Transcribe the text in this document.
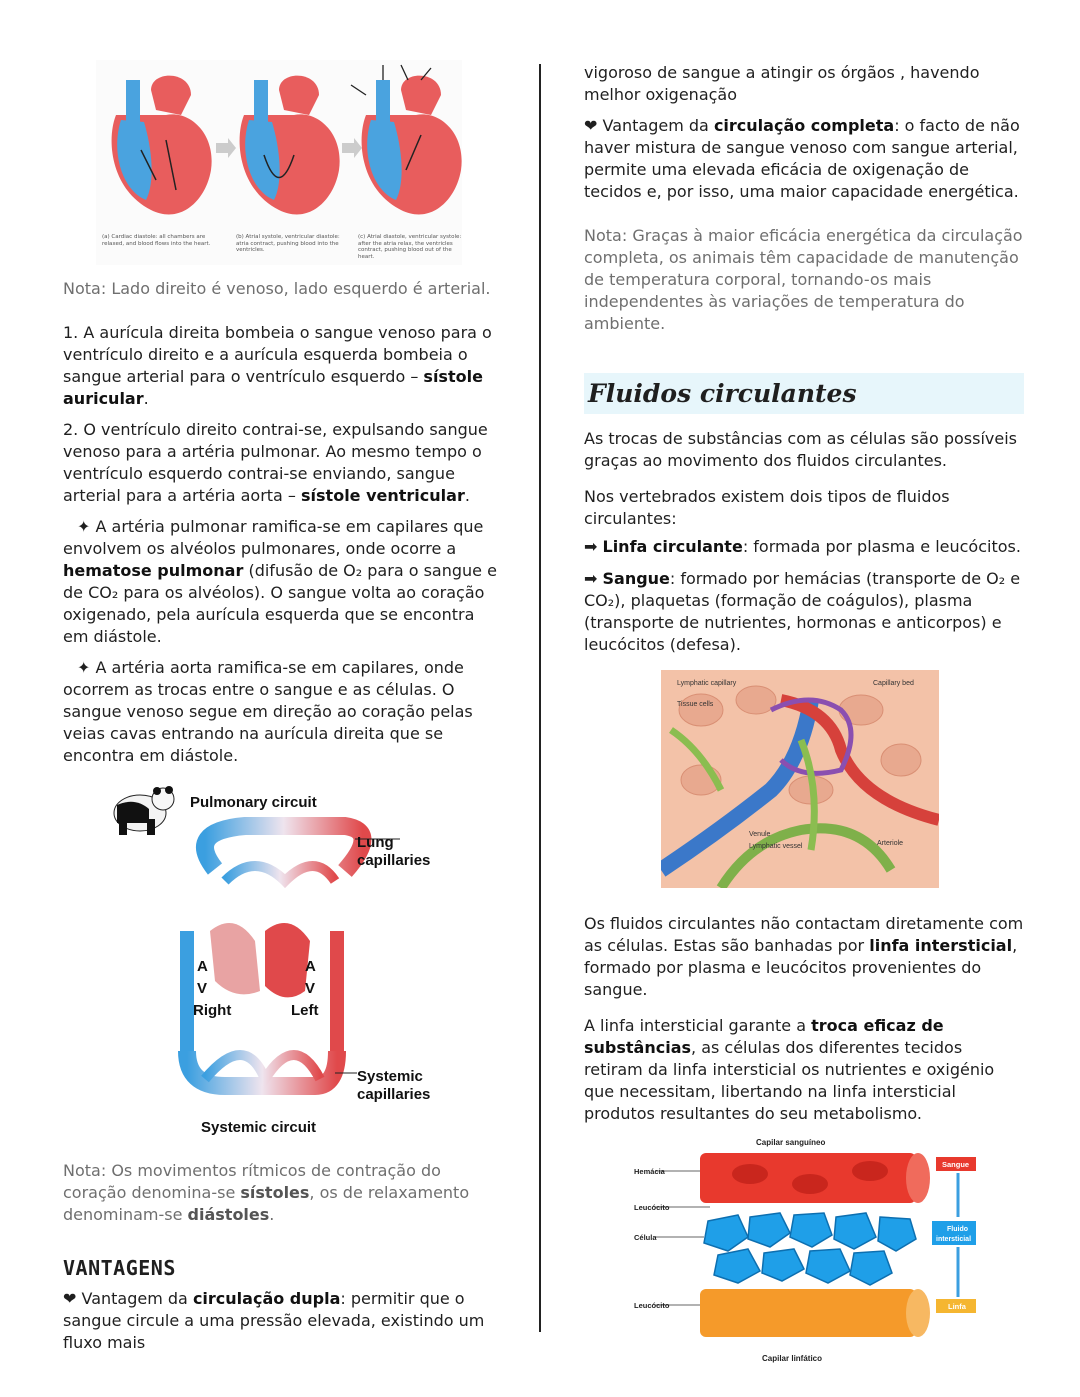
(a) Cardiac diastole: all chambers are relaxed, and blood flows into the heart.
(b) Atrial systole, ventricular diastole: atria contract, pushing blood into the ventricles.
(c) Atrial diastole, ventricular systole: after the atria relax, the ventricles contract, pushing blood out of the heart.

Nota: Lado direito é venoso, lado esquerdo é arterial.

1. A aurícula direita bombeia o sangue venoso para o ventrículo direito e a aurícula esquerda bombeia o sangue arterial para o ventrículo esquerdo – sístole auricular.

2. O ventrículo direito contrai-se, expulsando sangue venoso para a artéria pulmonar. Ao mesmo tempo o ventrículo esquerdo contrai-se enviando, sangue arterial para a artéria aorta – sístole ventricular.

✦ A artéria pulmonar ramifica-se em capilares que envolvem os alvéolos pulmonares, onde ocorre a hematose pulmonar (difusão de O₂ para o sangue e de CO₂ para os alvéolos). O sangue volta ao coração oxigenado, pela aurícula esquerda que se encontra em diástole.

✦ A artéria aorta ramifica-se em capilares, onde ocorrem as trocas entre o sangue e as células. O sangue venoso segue em direção ao coração pelas veias cavas entrando na aurícula direita que se encontra em diástole.

Pulmonary circuit
Lung
capillaries
A
V
Right
A
V
Left
Systemic
capillaries
Systemic circuit

Nota: Os movimentos rítmicos de contração do coração denomina-se sístoles, os de relaxamento denominam-se diástoles.

VANTAGENS

❤ Vantagem da circulação dupla: permitir que o sangue circule a uma pressão elevada, existindo um fluxo mais

vigoroso de sangue a atingir os órgãos , havendo melhor oxigenação

❤ Vantagem da circulação completa: o facto de não haver mistura de sangue venoso com sangue arterial, permite uma elevada eficácia de oxigenação de tecidos e, por isso, uma maior capacidade energética.

Nota: Graças à maior eficácia energética da circulação completa, os animais têm capacidade de manutenção de temperatura corporal, tornando-os mais independentes às variações de temperatura do ambiente.

Fluidos circulantes

As trocas de substâncias com as células são possíveis graças ao movimento dos fluidos circulantes.

Nos vertebrados existem dois tipos de fluidos circulantes:

➡ Linfa circulante: formada por plasma e leucócitos.

➡ Sangue: formado por hemácias (transporte de O₂ e CO₂), plaquetas (formação de coágulos), plasma (transporte de nutrientes, hormonas e anticorpos) e leucócitos (defesa).

Lymphatic capillary
Tissue cells
Capillary bed
Venule
Lymphatic vessel	Arteriole

Os fluidos circulantes não contactam diretamente com as células. Estas são banhadas por linfa intersticial, formado por plasma e leucócitos provenientes do sangue.

A linfa intersticial garante a troca eficaz de substâncias, as células dos diferentes tecidos retiram da linfa intersticial os nutrientes e oxigénio que necessitam, libertando na linfa intersticial produtos resultantes do seu metabolismo.

Capilar sanguíneo
Hemácia
Leucócito
Célula
Leucócito
Capilar linfático
Sangue
Fluido
intersticial
Linfa
